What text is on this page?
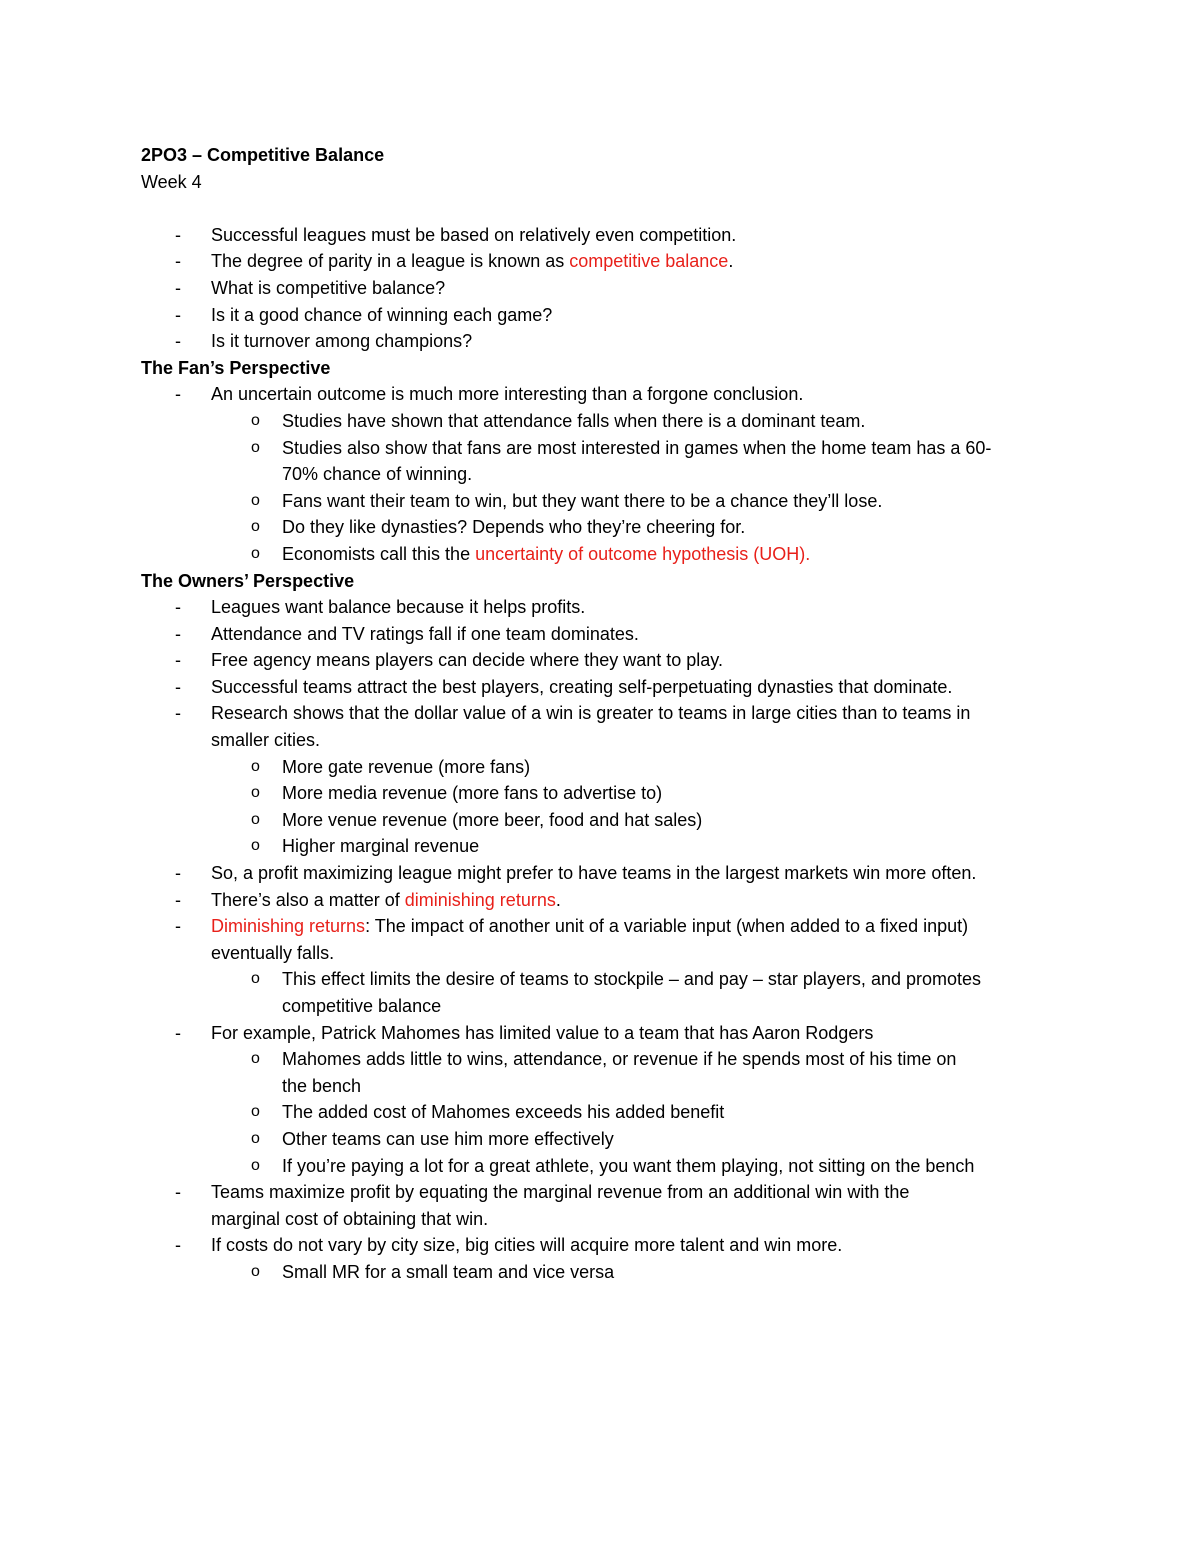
2PO3 – Competitive Balance
Week 4
- Successful leagues must be based on relatively even competition.
- The degree of parity in a league is known as competitive balance.
- What is competitive balance?
- Is it a good chance of winning each game?
- Is it turnover among champions?
The Fan’s Perspective
- An uncertain outcome is much more interesting than a forgone conclusion.
o Studies have shown that attendance falls when there is a dominant team.
o Studies also show that fans are most interested in games when the home team has a 60-
70% chance of winning.
o Fans want their team to win, but they want there to be a chance they’ll lose.
o Do they like dynasties? Depends who they’re cheering for.
o Economists call this the uncertainty of outcome hypothesis (UOH).
The Owners’ Perspective
- Leagues want balance because it helps profits.
- Attendance and TV ratings fall if one team dominates.
- Free agency means players can decide where they want to play.
- Successful teams attract the best players, creating self-perpetuating dynasties that dominate.
- Research shows that the dollar value of a win is greater to teams in large cities than to teams in
smaller cities.
o More gate revenue (more fans)
o More media revenue (more fans to advertise to)
o More venue revenue (more beer, food and hat sales)
o Higher marginal revenue
- So, a profit maximizing league might prefer to have teams in the largest markets win more often.
- There’s also a matter of diminishing returns.
- Diminishing returns: The impact of another unit of a variable input (when added to a fixed input)
eventually falls.
o This effect limits the desire of teams to stockpile – and pay – star players, and promotes
competitive balance
- For example, Patrick Mahomes has limited value to a team that has Aaron Rodgers
o Mahomes adds little to wins, attendance, or revenue if he spends most of his time on
the bench
o The added cost of Mahomes exceeds his added benefit
o Other teams can use him more effectively
o If you’re paying a lot for a great athlete, you want them playing, not sitting on the bench
- Teams maximize profit by equating the marginal revenue from an additional win with the
marginal cost of obtaining that win.
- If costs do not vary by city size, big cities will acquire more talent and win more.
o Small MR for a small team and vice versa
